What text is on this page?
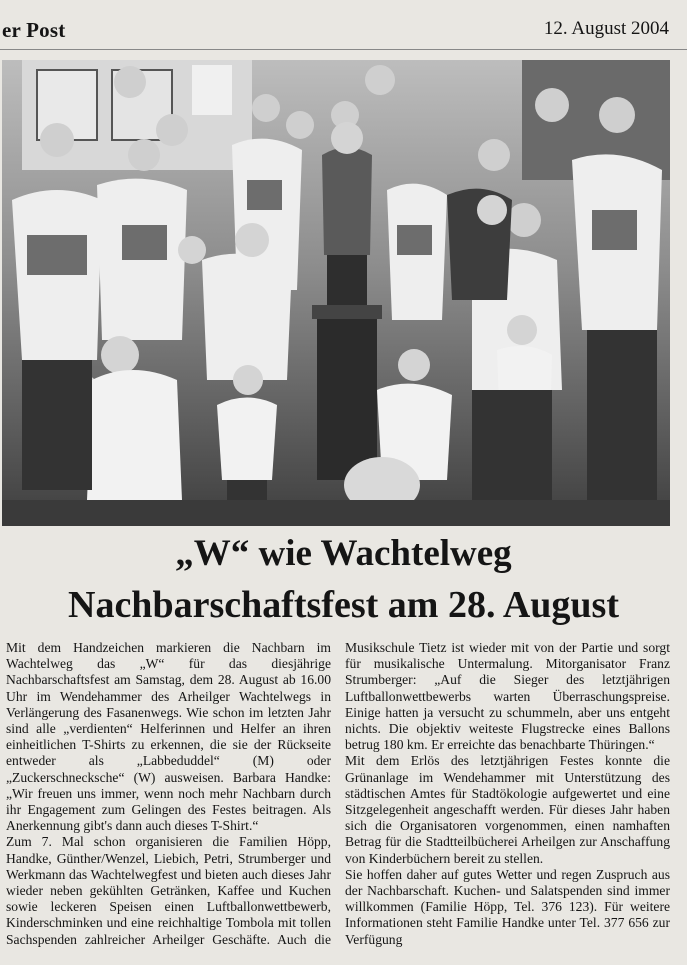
er Post	12. August 2004
„W“ wie Wachtelweg
Nachbarschaftsfest am 28. August

Mit dem Handzeichen markieren die Nachbarn im Wachtelweg das „W“ für das diesjährige Nachbarschaftsfest am Samstag, dem 28. August ab 16.00 Uhr im Wendehammer des Arheilger Wachtelwegs in Verlängerung des Fasanenwegs. Wie schon im letzten Jahr sind alle „verdienten“ Helferinnen und Helfer an ihren einheitlichen T-Shirts zu erkennen, die sie der Rückseite entweder als „Labbeduddel“ (M) oder „Zuckerschnecksche“ (W) ausweisen. Barbara Handke: „Wir freuen uns immer, wenn noch mehr Nachbarn durch ihr Engagement zum Gelingen des Festes beitragen. Als Anerkennung gibt's dann auch dieses T-Shirt.“

Zum 7. Mal schon organisieren die Familien Höpp, Handke, Günther/Wenzel, Liebich, Petri, Strumberger und Werkmann das Wachtelwegfest und bieten auch dieses Jahr wieder neben gekühlten Getränken, Kaffee und Kuchen sowie leckeren Speisen einen Luftballonwettbewerb, Kinderschminken und eine reichhaltige Tombola mit tollen Sachspenden zahlreicher Arheilger Geschäfte. Auch die Musikschule Tietz ist wieder mit von der Partie und sorgt für musikalische Untermalung. Mitorganisator Franz Strumberger: „Auf die Sieger des letztjährigen Luftballonwettbewerbs warten Überraschungspreise. Einige hatten ja versucht zu schummeln, aber uns entgeht nichts. Die objektiv weiteste Flugstrecke eines Ballons betrug 180 km. Er erreichte das benachbarte Thüringen.“

Mit dem Erlös des letztjährigen Festes konnte die Grünanlage im Wendehammer mit Unterstützung des städtischen Amtes für Stadtökologie aufgewertet und eine Sitzgelegenheit angeschafft werden. Für dieses Jahr haben sich die Organisatoren vorgenommen, einen namhaften Betrag für die Stadtteilbücherei Arheilgen zur Anschaffung von Kinderbüchern bereit zu stellen.

Sie hoffen daher auf gutes Wetter und regen Zuspruch aus der Nachbarschaft. Kuchen- und Salatspenden sind immer willkommen (Familie Höpp, Tel. 376 123). Für weitere Informationen steht Familie Handke unter Tel. 377 656 zur Verfügung
